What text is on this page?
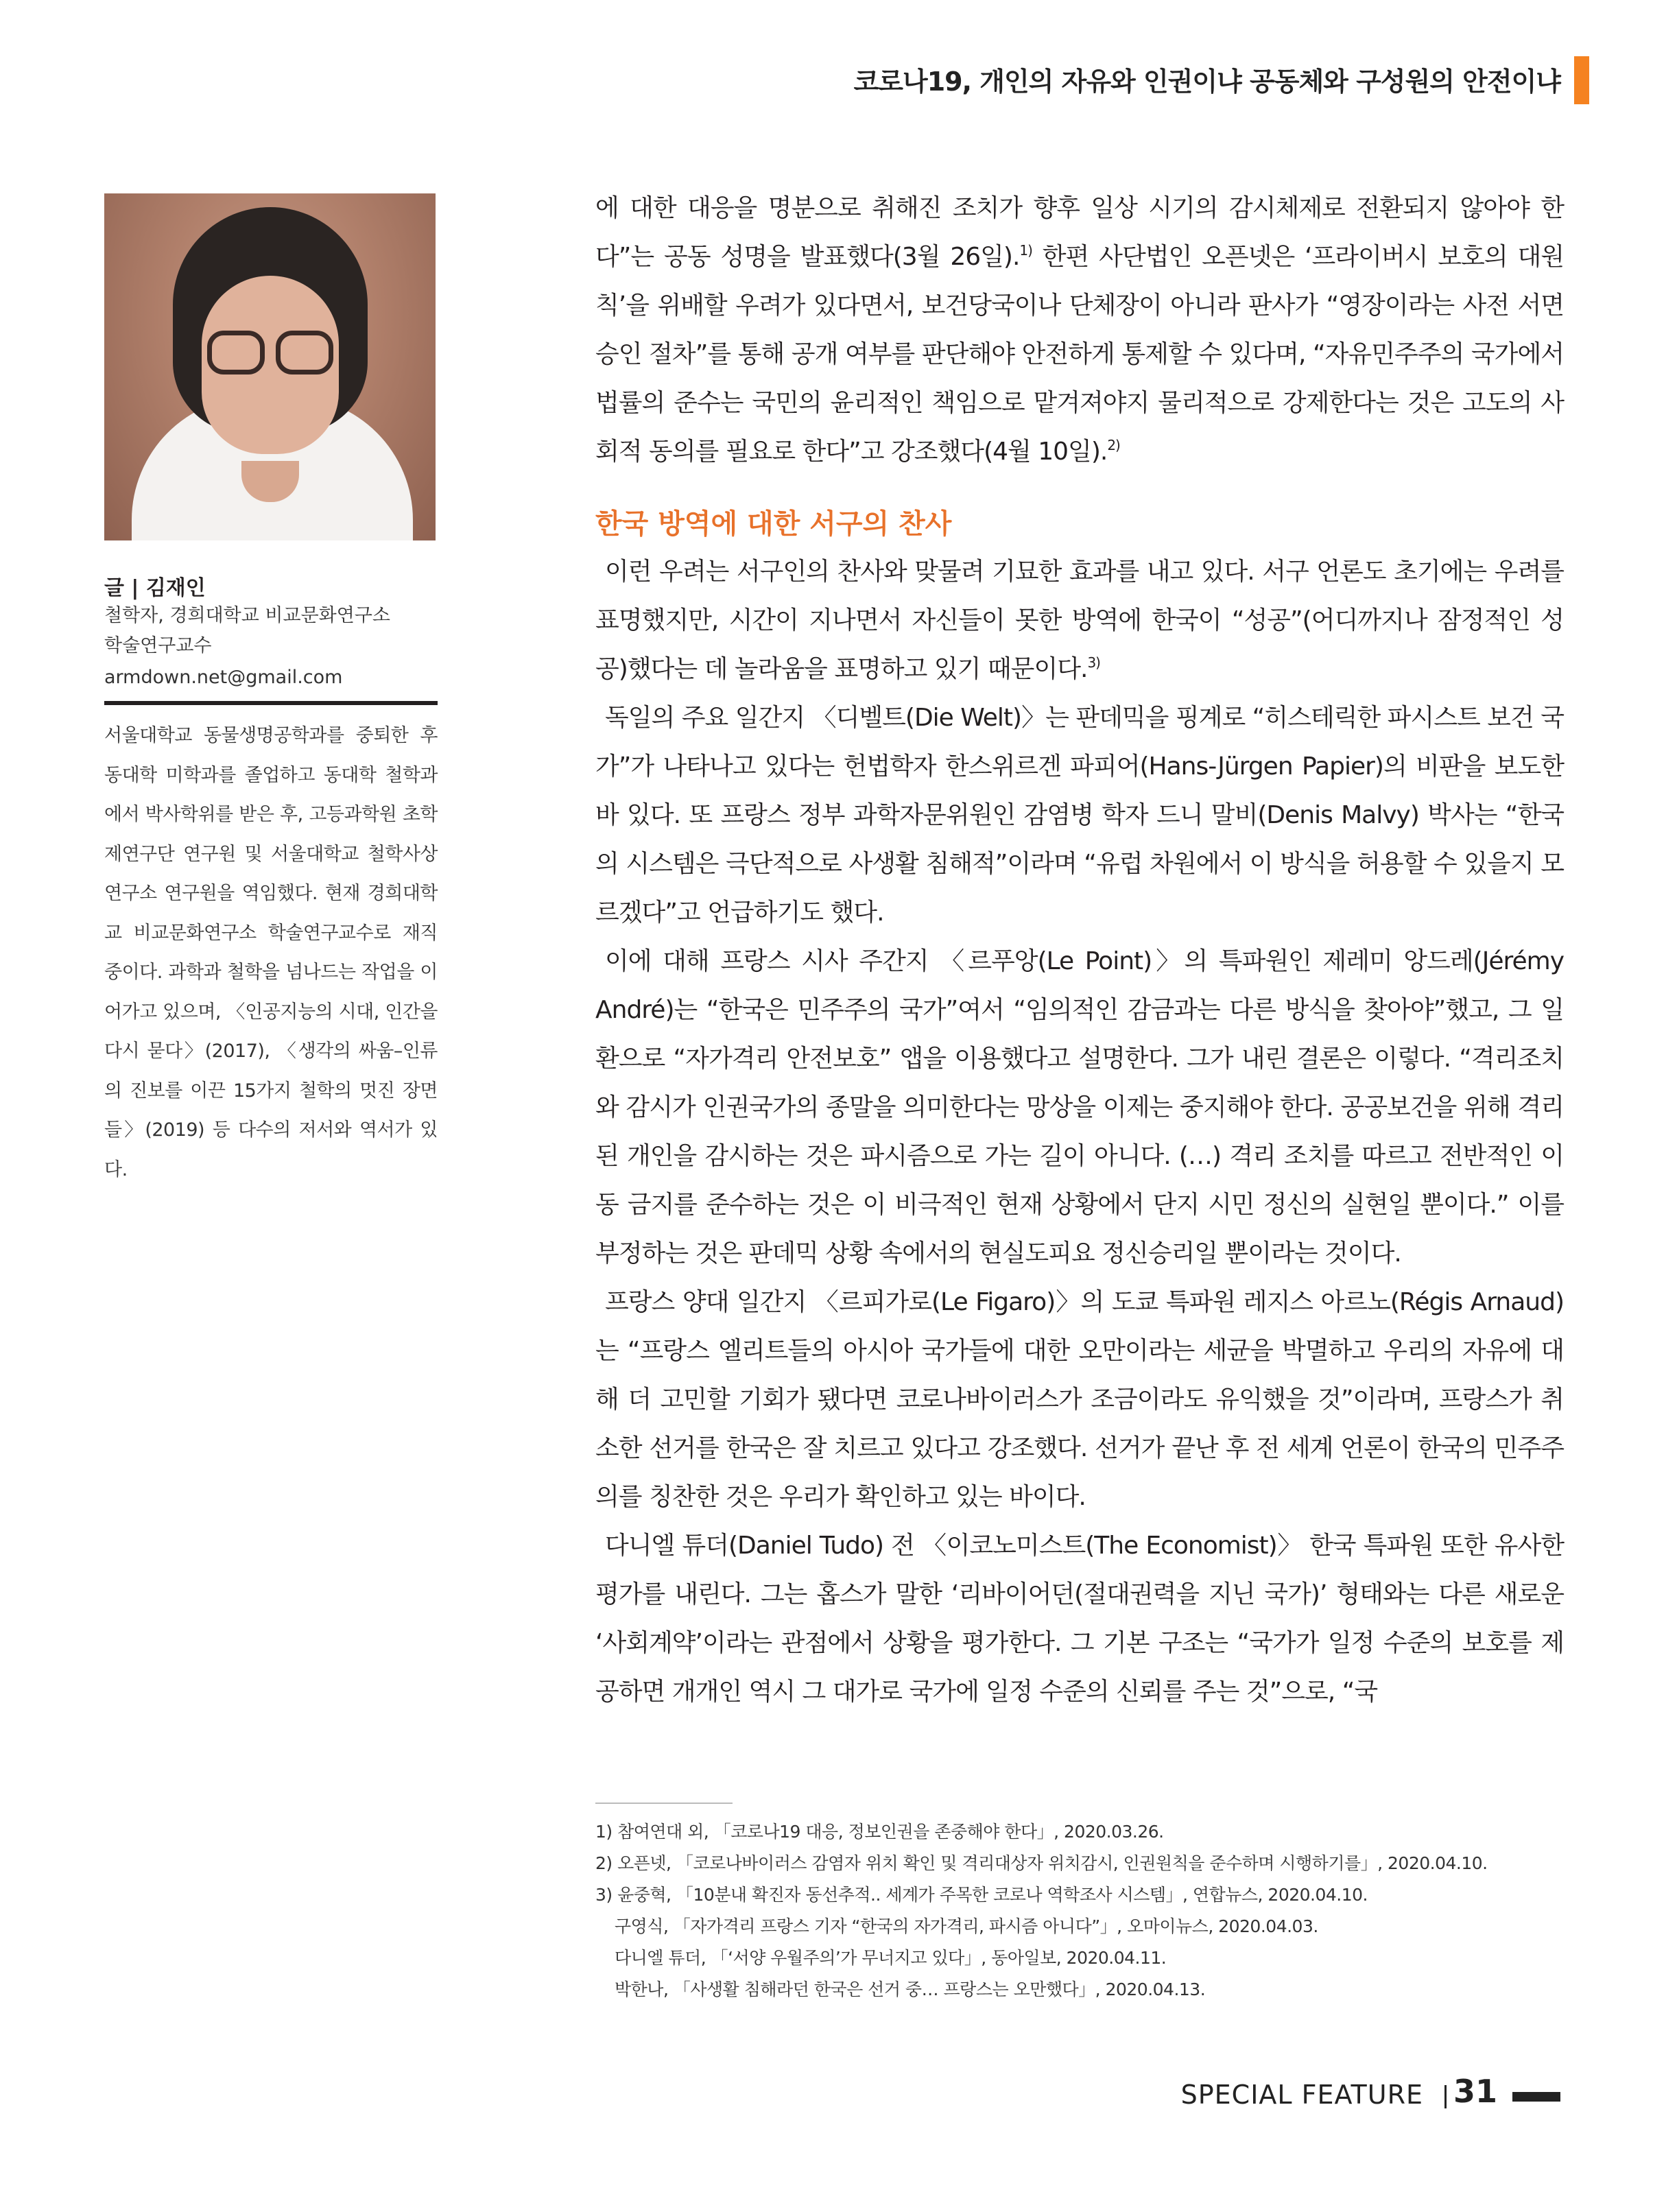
코로나19, 개인의 자유와 인권이냐 공동체와 구성원의 안전이냐
글 | 김재인
철학자, 경희대학교 비교문화연구소
학술연구교수
armdown.net@gmail.com
서울대학교 동물생명공학과를 중퇴한 후 동대학 미학과를 졸업하고 동대학 철학과에서 박사학위를 받은 후, 고등과학원 초학제연구단 연구원 및 서울대학교 철학사상연구소 연구원을 역임했다. 현재 경희대학교 비교문화연구소 학술연구교수로 재직 중이다. 과학과 철학을 넘나드는 작업을 이어가고 있으며, 〈인공지능의 시대, 인간을 다시 묻다〉(2017), 〈생각의 싸움–인류의 진보를 이끈 15가지 철학의 멋진 장면들〉(2019) 등 다수의 저서와 역서가 있다.

에 대한 대응을 명분으로 취해진 조치가 향후 일상 시기의 감시체제로 전환되지 않아야 한다”는 공동 성명을 발표했다(3월 26일).$^{1)}$ 한편 사단법인 오픈넷은 ‘프라이버시 보호의 대원칙’을 위배할 우려가 있다면서, 보건당국이나 단체장이 아니라 판사가 “영장이라는 사전 서면 승인 절차”를 통해 공개 여부를 판단해야 안전하게 통제할 수 있다며, “자유민주주의 국가에서 법률의 준수는 국민의 윤리적인 책임으로 맡겨져야지 물리적으로 강제한다는 것은 고도의 사회적 동의를 필요로 한다”고 강조했다(4월 10일).$^{2)}$

한국 방역에 대한 서구의 찬사

이런 우려는 서구인의 찬사와 맞물려 기묘한 효과를 내고 있다. 서구 언론도 초기에는 우려를 표명했지만, 시간이 지나면서 자신들이 못한 방역에 한국이 “성공”(어디까지나 잠정적인 성공)했다는 데 놀라움을 표명하고 있기 때문이다.$^{3)}$

독일의 주요 일간지 〈디벨트(Die Welt)〉는 판데믹을 핑계로 “히스테릭한 파시스트 보건 국가”가 나타나고 있다는 헌법학자 한스위르겐 파피어(Hans-Jürgen Papier)의 비판을 보도한 바 있다. 또 프랑스 정부 과학자문위원인 감염병 학자 드니 말비(Denis Malvy) 박사는 “한국의 시스템은 극단적으로 사생활 침해적”이라며 “유럽 차원에서 이 방식을 허용할 수 있을지 모르겠다”고 언급하기도 했다.

이에 대해 프랑스 시사 주간지 〈르푸앙(Le Point)〉의 특파원인 제레미 앙드레(Jérémy André)는 “한국은 민주주의 국가”여서 “임의적인 감금과는 다른 방식을 찾아야”했고, 그 일환으로 “자가격리 안전보호” 앱을 이용했다고 설명한다. 그가 내린 결론은 이렇다. “격리조치와 감시가 인권국가의 종말을 의미한다는 망상을 이제는 중지해야 한다. 공공보건을 위해 격리된 개인을 감시하는 것은 파시즘으로 가는 길이 아니다. (…) 격리 조치를 따르고 전반적인 이동 금지를 준수하는 것은 이 비극적인 현재 상황에서 단지 시민 정신의 실현일 뿐이다.” 이를 부정하는 것은 판데믹 상황 속에서의 현실도피요 정신승리일 뿐이라는 것이다.

프랑스 양대 일간지 〈르피가로(Le Figaro)〉의 도쿄 특파원 레지스 아르노(Régis Arnaud)는 “프랑스 엘리트들의 아시아 국가들에 대한 오만이라는 세균을 박멸하고 우리의 자유에 대해 더 고민할 기회가 됐다면 코로나바이러스가 조금이라도 유익했을 것”이라며, 프랑스가 취소한 선거를 한국은 잘 치르고 있다고 강조했다. 선거가 끝난 후 전 세계 언론이 한국의 민주주의를 칭찬한 것은 우리가 확인하고 있는 바이다.

다니엘 튜더(Daniel Tudo) 전 〈이코노미스트(The Economist)〉 한국 특파원 또한 유사한 평가를 내린다. 그는 홉스가 말한 ‘리바이어던(절대권력을 지닌 국가)’ 형태와는 다른 새로운 ‘사회계약’이라는 관점에서 상황을 평가한다. 그 기본 구조는 “국가가 일정 수준의 보호를 제공하면 개개인 역시 그 대가로 국가에 일정 수준의 신뢰를 주는 것”으로, “국

1) 참여연대 외, 「코로나19 대응, 정보인권을 존중해야 한다」, 2020.03.26.
2) 오픈넷, 「코로나바이러스 감염자 위치 확인 및 격리대상자 위치감시, 인권원칙을 준수하며 시행하기를」, 2020.04.10.
3) 윤중혁, 「10분내 확진자 동선추적.. 세계가 주목한 코로나 역학조사 시스템」, 연합뉴스, 2020.04.10.
구영식, 「자가격리 프랑스 기자 “한국의 자가격리, 파시즘 아니다”」, 오마이뉴스, 2020.04.03.
다니엘 튜더, 「‘서양 우월주의’가 무너지고 있다」, 동아일보, 2020.04.11.
박한나, 「사생활 침해라던 한국은 선거 중… 프랑스는 오만했다」, 2020.04.13.
SPECIAL FEATURE 31
